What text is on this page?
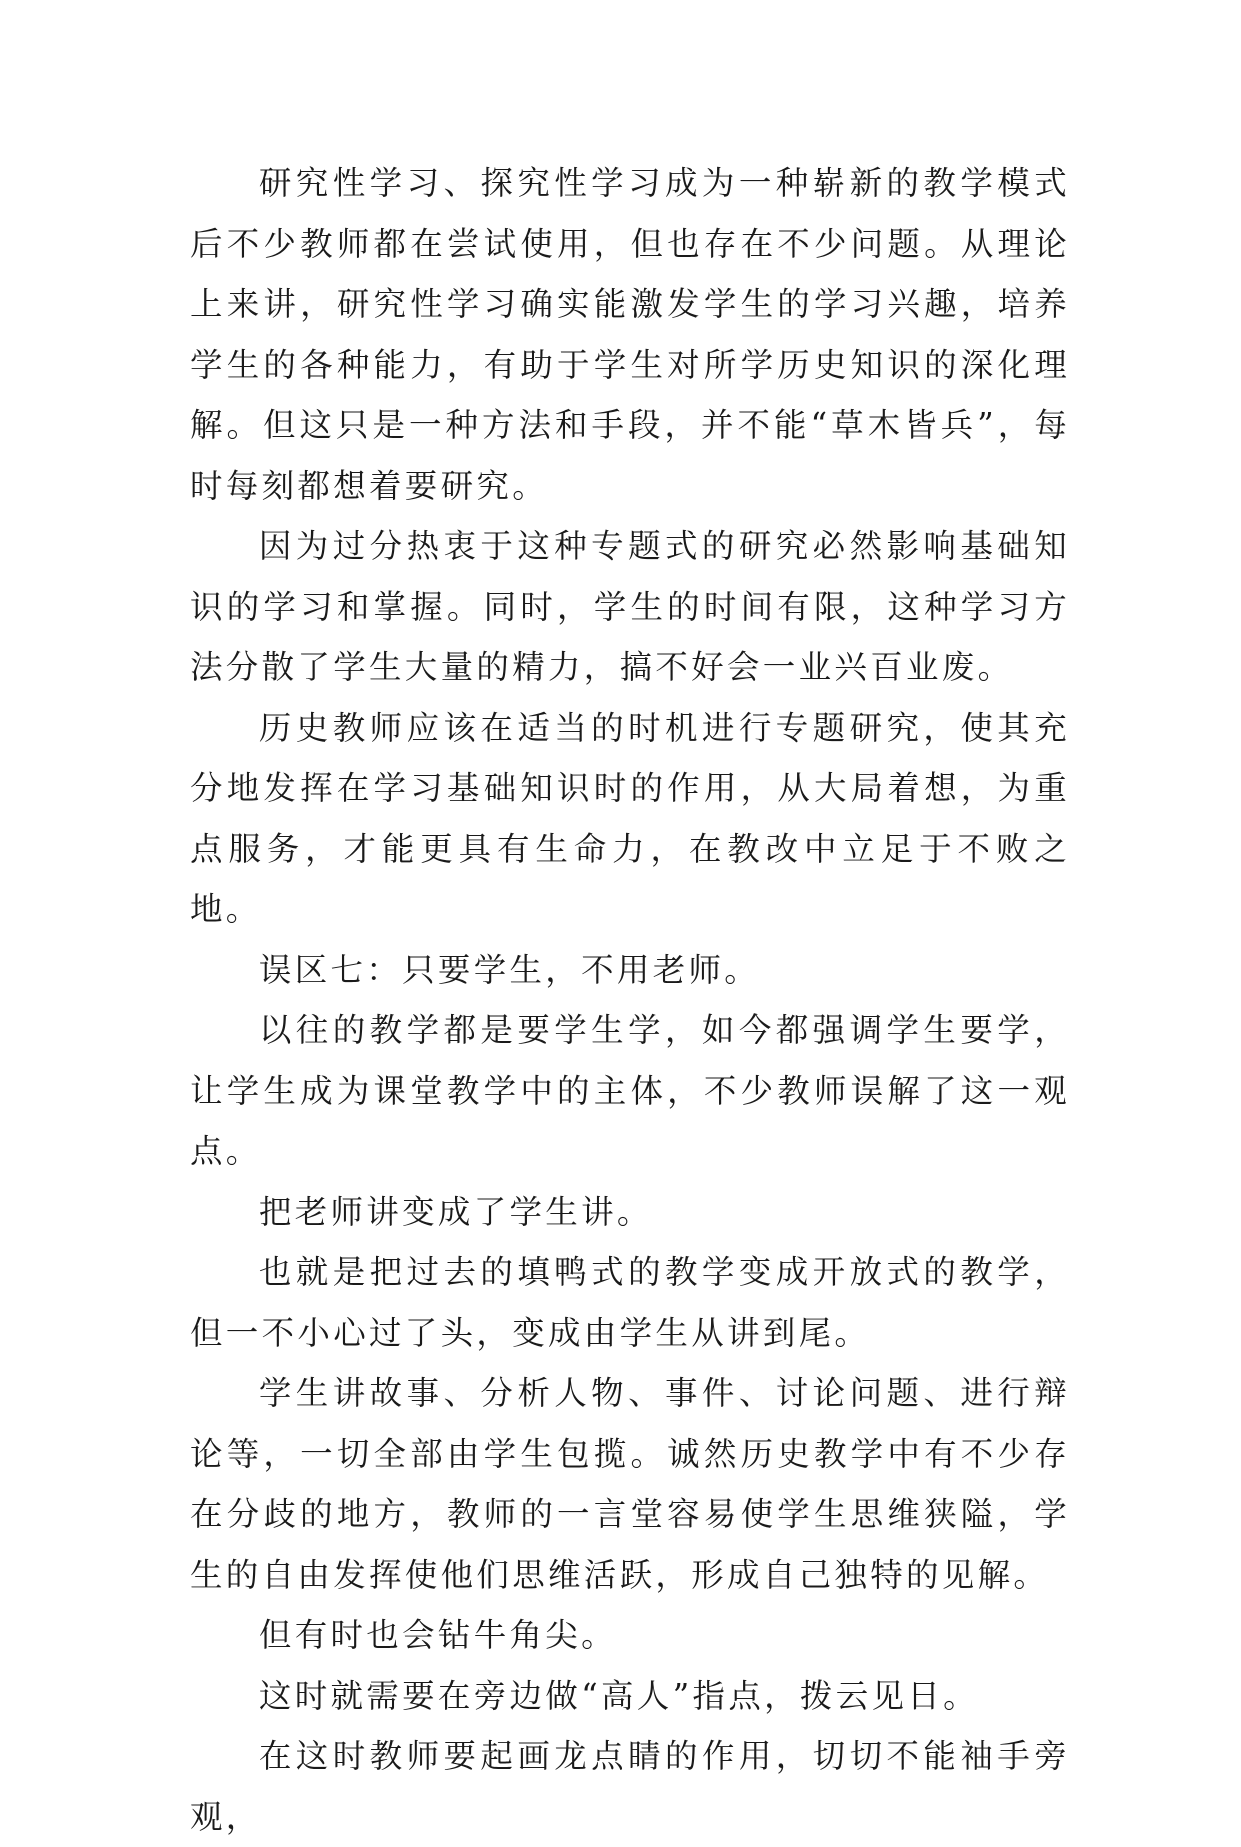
研究性学习、探究性学习成为一种崭新的教学模式后不少教师都在尝试使用，但也存在不少问题。从理论上来讲，研究性学习确实能激发学生的学习兴趣，培养学生的各种能力，有助于学生对所学历史知识的深化理解。但这只是一种方法和手段，并不能“草木皆兵”，每时每刻都想着要研究。

因为过分热衷于这种专题式的研究必然影响基础知识的学习和掌握。同时，学生的时间有限，这种学习方法分散了学生大量的精力，搞不好会一业兴百业废。

历史教师应该在适当的时机进行专题研究，使其充分地发挥在学习基础知识时的作用，从大局着想，为重点服务，才能更具有生命力，在教改中立足于不败之地。

误区七：只要学生，不用老师。

以往的教学都是要学生学，如今都强调学生要学，让学生成为课堂教学中的主体，不少教师误解了这一观点。

把老师讲变成了学生讲。

也就是把过去的填鸭式的教学变成开放式的教学，但一不小心过了头，变成由学生从讲到尾。

学生讲故事、分析人物、事件、讨论问题、进行辩论等，一切全部由学生包揽。诚然历史教学中有不少存在分歧的地方，教师的一言堂容易使学生思维狭隘，学生的自由发挥使他们思维活跃，形成自己独特的见解。

但有时也会钻牛角尖。

这时就需要在旁边做“高人”指点，拨云见日。

在这时教师要起画龙点睛的作用，切切不能袖手旁观，
